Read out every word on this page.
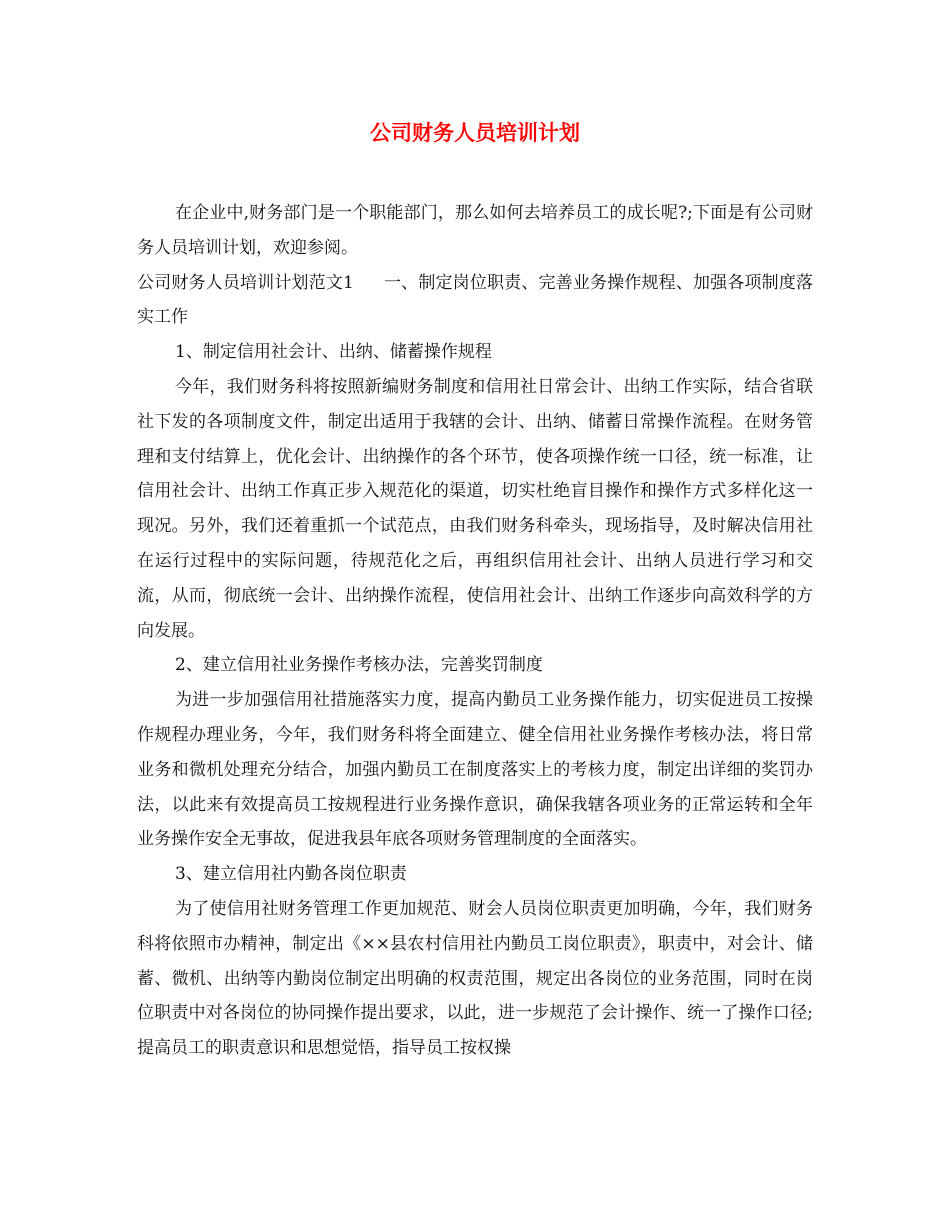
公司财务人员培训计划

在企业中,财务部门是一个职能部门，那么如何去培养员工的成长呢?;下面是有公司财务人员培训计划，欢迎参阅。

公司财务人员培训计划范文1 一、制定岗位职责、完善业务操作规程、加强各项制度落实工作

1、制定信用社会计、出纳、储蓄操作规程

今年，我们财务科将按照新编财务制度和信用社日常会计、出纳工作实际，结合省联社下发的各项制度文件，制定出适用于我辖的会计、出纳、储蓄日常操作流程。在财务管理和支付结算上，优化会计、出纳操作的各个环节，使各项操作统一口径，统一标准，让信用社会计、出纳工作真正步入规范化的渠道，切实杜绝盲目操作和操作方式多样化这一现况。另外，我们还着重抓一个试范点，由我们财务科牵头，现场指导，及时解决信用社在运行过程中的实际问题，待规范化之后，再组织信用社会计、出纳人员进行学习和交流，从而，彻底统一会计、出纳操作流程，使信用社会计、出纳工作逐步向高效科学的方向发展。

2、建立信用社业务操作考核办法，完善奖罚制度

为进一步加强信用社措施落实力度，提高内勤员工业务操作能力，切实促进员工按操作规程办理业务，今年，我们财务科将全面建立、健全信用社业务操作考核办法，将日常业务和微机处理充分结合，加强内勤员工在制度落实上的考核力度，制定出详细的奖罚办法，以此来有效提高员工按规程进行业务操作意识，确保我辖各项业务的正常运转和全年业务操作安全无事故，促进我县年底各项财务管理制度的全面落实。

3、建立信用社内勤各岗位职责

为了使信用社财务管理工作更加规范、财会人员岗位职责更加明确，今年，我们财务科将依照市办精神，制定出《××县农村信用社内勤员工岗位职责》，职责中，对会计、储蓄、微机、出纳等内勤岗位制定出明确的权责范围，规定出各岗位的业务范围，同时在岗位职责中对各岗位的协同操作提出要求，以此，进一步规范了会计操作、统一了操作口径;提高员工的职责意识和思想觉悟，指导员工按权操
